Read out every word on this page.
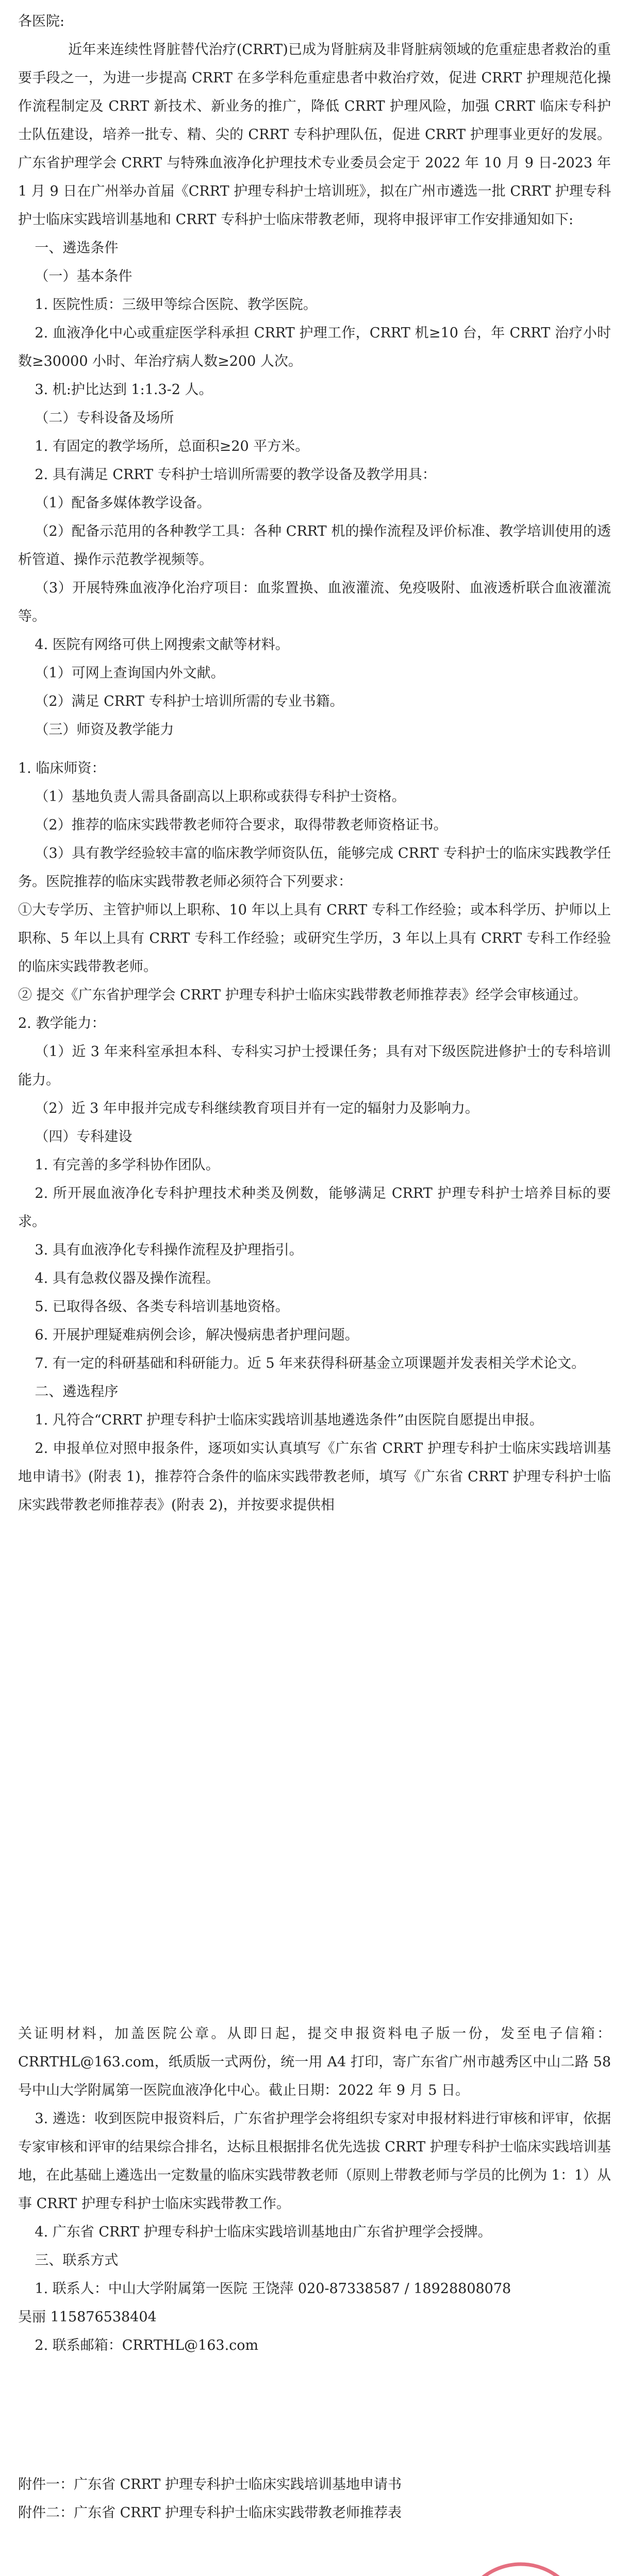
各医院:

近年来连续性肾脏替代治疗(CRRT)已成为肾脏病及非肾脏病领域的危重症患者救治的重要手段之一，为进一步提高 CRRT 在多学科危重症患者中救治疗效，促进 CRRT 护理规范化操作流程制定及 CRRT 新技术、新业务的推广，降低 CRRT 护理风险，加强 CRRT 临床专科护士队伍建设，培养一批专、精、尖的 CRRT 专科护理队伍，促进 CRRT 护理事业更好的发展。广东省护理学会 CRRT 与特殊血液净化护理技术专业委员会定于 2022 年 10 月 9 日-2023 年 1 月 9 日在广州举办首届《CRRT 护理专科护士培训班》，拟在广州市遴选一批 CRRT 护理专科护士临床实践培训基地和 CRRT 专科护士临床带教老师，现将申报评审工作安排通知如下:

一、遴选条件

（一）基本条件

1. 医院性质：三级甲等综合医院、教学医院。

2. 血液净化中心或重症医学科承担 CRRT 护理工作，CRRT 机≥10 台，年 CRRT 治疗小时数≥30000 小时、年治疗病人数≥200 人次。

3. 机:护比达到 1:1.3-2 人。

（二）专科设备及场所

1. 有固定的教学场所，总面积≥20 平方米。

2. 具有满足 CRRT 专科护士培训所需要的教学设备及教学用具：

（1）配备多媒体教学设备。

（2）配备示范用的各种教学工具：各种 CRRT 机的操作流程及评价标准、教学培训使用的透析管道、操作示范教学视频等。

（3）开展特殊血液净化治疗项目：血浆置换、血液灌流、免疫吸附、血液透析联合血液灌流等。

4. 医院有网络可供上网搜索文献等材料。

（1）可网上查询国内外文献。

（2）满足 CRRT 专科护士培训所需的专业书籍。

（三）师资及教学能力

1. 临床师资：

（1）基地负责人需具备副高以上职称或获得专科护士资格。

（2）推荐的临床实践带教老师符合要求，取得带教老师资格证书。

（3）具有教学经验较丰富的临床教学师资队伍，能够完成 CRRT 专科护士的临床实践教学任务。医院推荐的临床实践带教老师必须符合下列要求：

①大专学历、主管护师以上职称、10 年以上具有 CRRT 专科工作经验；或本科学历、护师以上职称、5 年以上具有 CRRT 专科工作经验；或研究生学历，3 年以上具有 CRRT 专科工作经验的临床实践带教老师。

② 提交《广东省护理学会 CRRT 护理专科护士临床实践带教老师推荐表》经学会审核通过。

2. 教学能力：

（1）近 3 年来科室承担本科、专科实习护士授课任务；具有对下级医院进修护士的专科培训能力。

（2）近 3 年申报并完成专科继续教育项目并有一定的辐射力及影响力。

（四）专科建设

1. 有完善的多学科协作团队。

2. 所开展血液净化专科护理技术种类及例数，能够满足 CRRT 护理专科护士培养目标的要求。

3. 具有血液净化专科操作流程及护理指引。

4. 具有急救仪器及操作流程。

5. 已取得各级、各类专科培训基地资格。

6. 开展护理疑难病例会诊，解决慢病患者护理问题。

7. 有一定的科研基础和科研能力。近 5 年来获得科研基金立项课题并发表相关学术论文。

二、遴选程序

1. 凡符合“CRRT 护理专科护士临床实践培训基地遴选条件”由医院自愿提出申报。

2. 申报单位对照申报条件，逐项如实认真填写《广东省 CRRT 护理专科护士临床实践培训基地申请书》(附表 1)，推荐符合条件的临床实践带教老师，填写《广东省 CRRT 护理专科护士临床实践带教老师推荐表》(附表 2)，并按要求提供相

关证明材料，加盖医院公章。从即日起，提交申报资料电子版一份，发至电子信箱：CRRTHL@163.com，纸质版一式两份，统一用 A4 打印，寄广东省广州市越秀区中山二路 58 号中山大学附属第一医院血液净化中心。截止日期：2022 年 9 月 5 日。

3. 遴选：收到医院申报资料后，广东省护理学会将组织专家对申报材料进行审核和评审，依据专家审核和评审的结果综合排名，达标且根据排名优先选拔 CRRT 护理专科护士临床实践培训基地，在此基础上遴选出一定数量的临床实践带教老师（原则上带教老师与学员的比例为 1：1）从事 CRRT 护理专科护士临床实践带教工作。

4. 广东省 CRRT 护理专科护士临床实践培训基地由广东省护理学会授牌。

三、联系方式

1. 联系人：中山大学附属第一医院 王饶萍 020-87338587 / 18928808078

吴丽 115876538404

2. 联系邮箱：CRRTHL@163.com

附件一：广东省 CRRT 护理专科护士临床实践培训基地申请书

附件二：广东省 CRRT 护理专科护士临床实践带教老师推荐表
